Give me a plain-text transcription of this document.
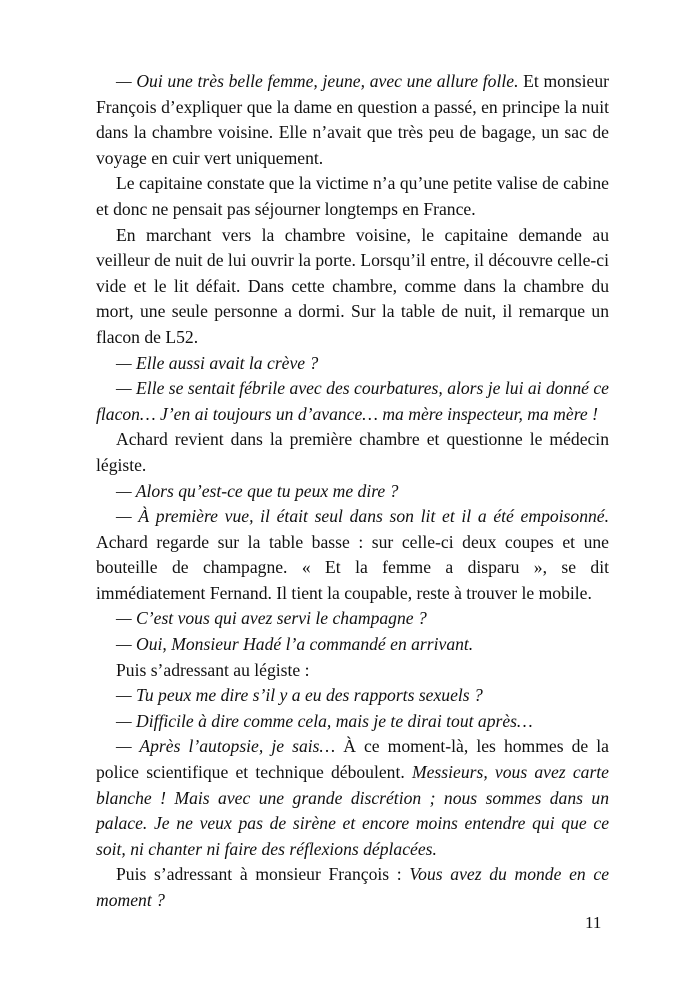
— Oui une très belle femme, jeune, avec une allure folle. Et monsieur François d’expliquer que la dame en question a passé, en principe la nuit dans la chambre voisine. Elle n’avait que très peu de bagage, un sac de voyage en cuir vert uniquement.

Le capitaine constate que la victime n’a qu’une petite valise de cabine et donc ne pensait pas séjourner longtemps en France.

En marchant vers la chambre voisine, le capitaine demande au veilleur de nuit de lui ouvrir la porte. Lorsqu’il entre, il découvre celle-ci vide et le lit défait. Dans cette chambre, comme dans la chambre du mort, une seule personne a dormi. Sur la table de nuit, il remarque un flacon de L52.

— Elle aussi avait la crève ?

— Elle se sentait fébrile avec des courbatures, alors je lui ai donné ce flacon… J’en ai toujours un d’avance… ma mère inspecteur, ma mère !

Achard revient dans la première chambre et questionne le médecin légiste.

— Alors qu’est-ce que tu peux me dire ?

— À première vue, il était seul dans son lit et il a été empoisonné. Achard regarde sur la table basse : sur celle-ci deux coupes et une bouteille de champagne. « Et la femme a disparu », se dit immédiatement Fernand. Il tient la coupable, reste à trouver le mobile.

— C’est vous qui avez servi le champagne ?

— Oui, Monsieur Hadé l’a commandé en arrivant.

Puis s’adressant au légiste :

— Tu peux me dire s’il y a eu des rapports sexuels ?

— Difficile à dire comme cela, mais je te dirai tout après…

— Après l’autopsie, je sais… À ce moment-là, les hommes de la police scientifique et technique déboulent. Messieurs, vous avez carte blanche ! Mais avec une grande discrétion ; nous sommes dans un palace. Je ne veux pas de sirène et encore moins entendre qui que ce soit, ni chanter ni faire des réflexions déplacées.

Puis s’adressant à monsieur François : Vous avez du monde en ce moment ?

11
